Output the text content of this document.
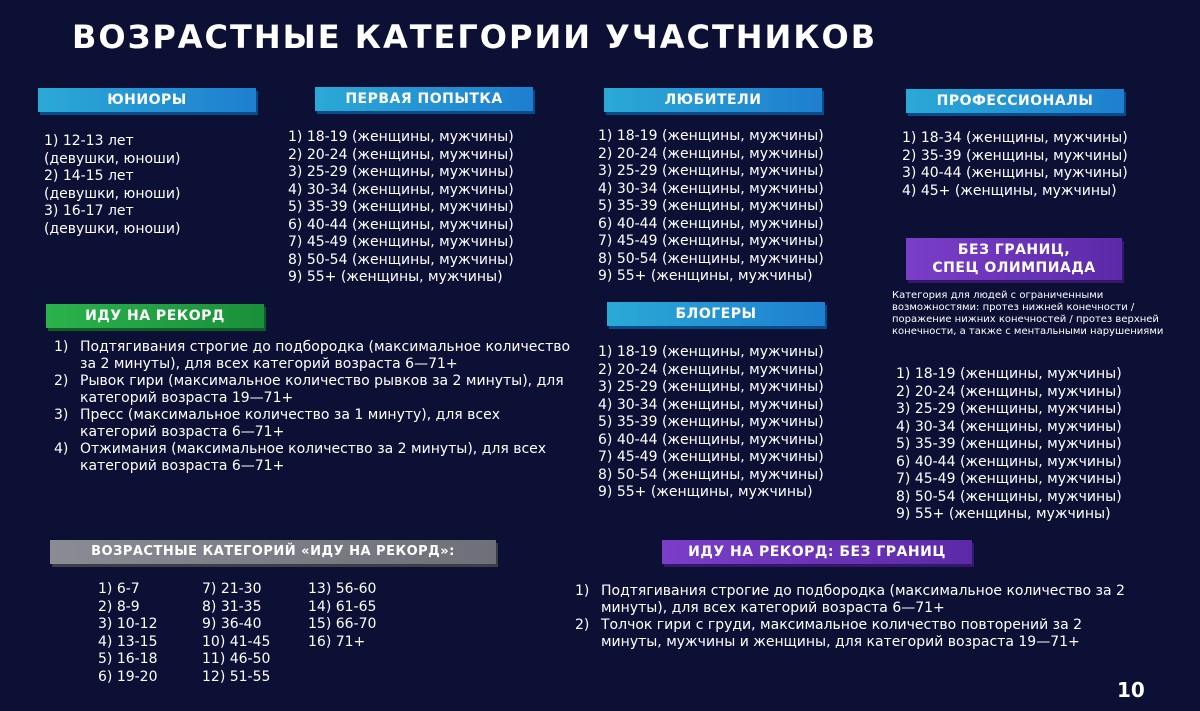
ВОЗРАСТНЫЕ КАТЕГОРИИ УЧАСТНИКОВ
ЮНИОРЫ
1) 12-13 лет
(девушки, юноши)
2) 14-15 лет
(девушки, юноши)
3) 16-17 лет
(девушки, юноши)
ПЕРВАЯ ПОПЫТКА
1) 18-19 (женщины, мужчины)
2) 20-24 (женщины, мужчины)
3) 25-29 (женщины, мужчины)
4) 30-34 (женщины, мужчины)
5) 35-39 (женщины, мужчины)
6) 40-44 (женщины, мужчины)
7) 45-49 (женщины, мужчины)
8) 50-54 (женщины, мужчины)
9) 55+ (женщины, мужчины)
ЛЮБИТЕЛИ
1) 18-19 (женщины, мужчины)
2) 20-24 (женщины, мужчины)
3) 25-29 (женщины, мужчины)
4) 30-34 (женщины, мужчины)
5) 35-39 (женщины, мужчины)
6) 40-44 (женщины, мужчины)
7) 45-49 (женщины, мужчины)
8) 50-54 (женщины, мужчины)
9) 55+ (женщины, мужчины)
ПРОФЕССИОНАЛЫ
1) 18-34 (женщины, мужчины)
2) 35-39 (женщины, мужчины)
3) 40-44 (женщины, мужчины)
4) 45+ (женщины, мужчины)
БЕЗ ГРАНИЦ,
СПЕЦ ОЛИМПИАДА
Категория для людей с ограниченными возможностями: протез нижней конечности /поражение нижних конечностей / протез верхней конечности, а также с ментальными нарушениями
1) 18-19 (женщины, мужчины)
2) 20-24 (женщины, мужчины)
3) 25-29 (женщины, мужчины)
4) 30-34 (женщины, мужчины)
5) 35-39 (женщины, мужчины)
6) 40-44 (женщины, мужчины)
7) 45-49 (женщины, мужчины)
8) 50-54 (женщины, мужчины)
9) 55+ (женщины, мужчины)
БЛОГЕРЫ
1) 18-19 (женщины, мужчины)
2) 20-24 (женщины, мужчины)
3) 25-29 (женщины, мужчины)
4) 30-34 (женщины, мужчины)
5) 35-39 (женщины, мужчины)
6) 40-44 (женщины, мужчины)
7) 45-49 (женщины, мужчины)
8) 50-54 (женщины, мужчины)
9) 55+ (женщины, мужчины)
ИДУ НА РЕКОРД
1) Подтягивания строгие до подбородка (максимальное количество за 2 минуты), для всех категорий возраста 6—71+
2) Рывок гири (максимальное количество рывков за 2 минуты), для категорий возраста 19—71+
3) Пресс (максимальное количество за 1 минуту), для всех категорий возраста 6—71+
4) Отжимания (максимальное количество за 2 минуты), для всех категорий возраста 6—71+
ВОЗРАСТНЫЕ КАТЕГОРИЙ «ИДУ НА РЕКОРД»:
1) 6-7
2) 8-9
3) 10-12
4) 13-15
5) 16-18
6) 19-20
7) 21-30
8) 31-35
9) 36-40
10) 41-45
11) 46-50
12) 51-55
13) 56-60
14) 61-65
15) 66-70
16) 71+
ИДУ НА РЕКОРД: БЕЗ ГРАНИЦ
1) Подтягивания строгие до подбородка (максимальное количество за 2 минуты), для всех категорий возраста 6—71+
2) Толчок гири с груди, максимальное количество повторений за 2 минуты, мужчины и женщины, для категорий возраста 19—71+
10
